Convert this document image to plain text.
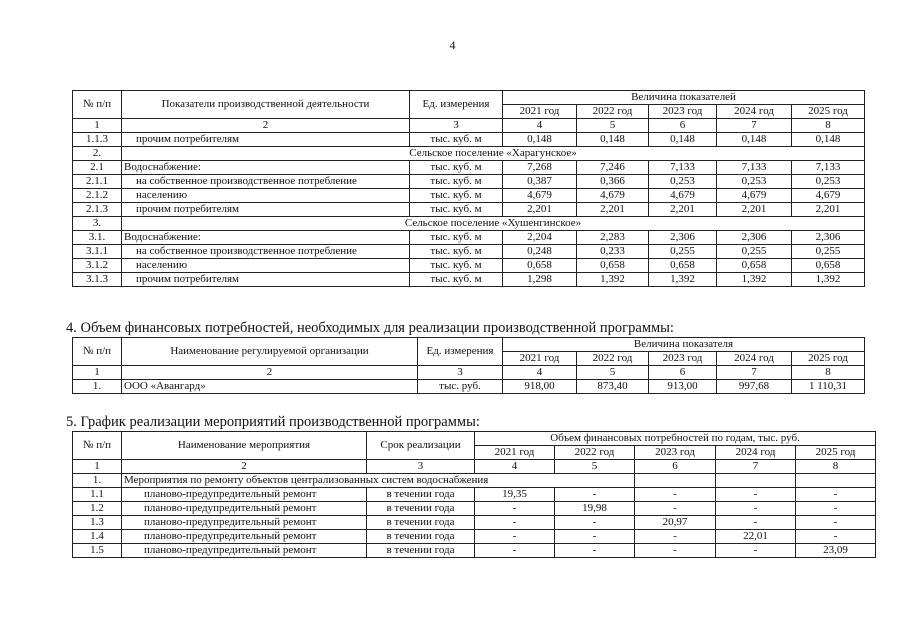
4
№ п/п	Показатели производственной деятельности	Ед. измерения	Величина показателей				
			2021 год	2022 год	2023 год	2024 год	2025 год
1	2	3	4	5	6	7	8
1.1.3	прочим потребителям	тыс. куб. м	0,148	0,148	0,148	0,148	0,148
2.	Сельское поселение «Харагунское»						
2.1	Водоснабжение:	тыс. куб. м	7,268	7,246	7,133	7,133	7,133
2.1.1	на собственное производственное потребление	тыс. куб. м	0,387	0,366	0,253	0,253	0,253
2.1.2	населению	тыс. куб. м	4,679	4,679	4,679	4,679	4,679
2.1.3	прочим потребителям	тыс. куб. м	2,201	2,201	2,201	2,201	2,201
3.	Сельское поселение «Хушенгинское»						
3.1.	Водоснабжение:	тыс. куб. м	2,204	2,283	2,306	2,306	2,306
3.1.1	на собственное производственное потребление	тыс. куб. м	0,248	0,233	0,255	0,255	0,255
3.1.2	населению	тыс. куб. м	0,658	0,658	0,658	0,658	0,658
3.1.3	прочим потребителям	тыс. куб. м	1,298	1,392	1,392	1,392	1,392
4. Объем финансовых потребностей, необходимых для реализации производственной программы:
№ п/п	Наименование регулируемой организации	Ед. измерения	Величина показателя				
			2021 год	2022 год	2023 год	2024 год	2025 год
1	2	3	4	5	6	7	8
1.	ООО «Авангард»	тыс. руб.	918,00	873,40	913,00	997,68	1 110,31
5. График реализации мероприятий производственной программы:
№ п/п	Наименование мероприятия	Срок реализации	Объем финансовых потребностей по годам, тыс. руб.				
			2021 год	2022 год	2023 год	2024 год	2025 год
1	2	3	4	5	6	7	8
1.	Мероприятия по ремонту объектов централизованных систем водоснабжения						
1.1	планово-предупредительный ремонт	в течении года	19,35	-	-	-	-
1.2	планово-предупредительный ремонт	в течении года	-	19,98	-	-	-
1.3	планово-предупредительный ремонт	в течении года	-	-	20,97	-	-
1.4	планово-предупредительный ремонт	в течении года	-	-	-	22,01	-
1.5	планово-предупредительный ремонт	в течении года	-	-	-	-	23,09
